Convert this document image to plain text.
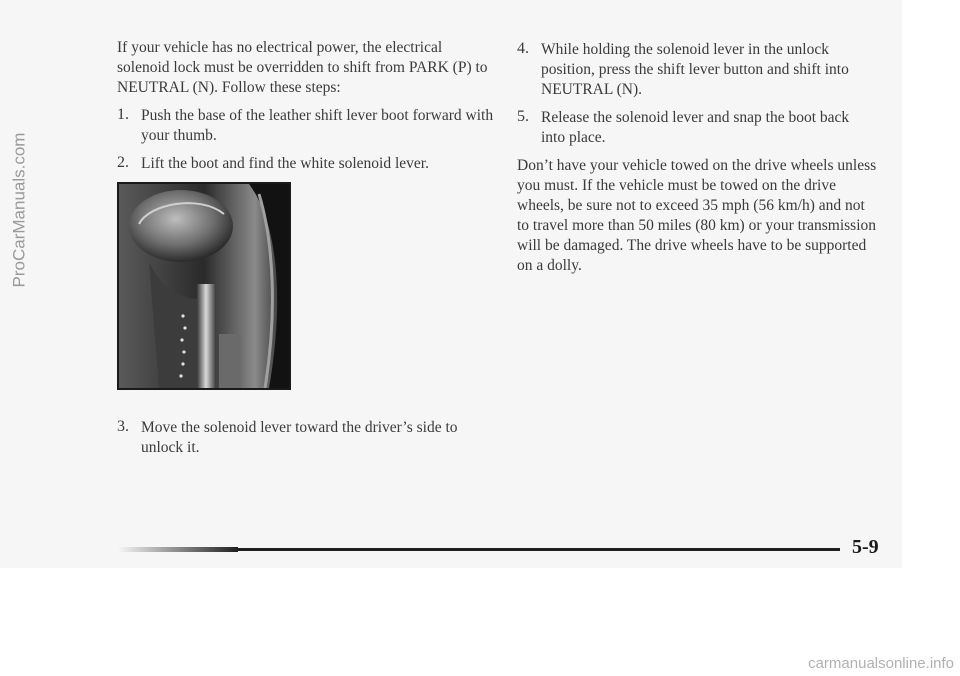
ProCarManuals.com

If your vehicle has no electrical power, the electrical solenoid lock must be overridden to shift from PARK (P) to NEUTRAL (N). Follow these steps:

1. Push the base of the leather shift lever boot forward with your thumb.

2. Lift the boot and find the white solenoid lever.

3. Move the solenoid lever toward the driver’s side to unlock it.

4. While holding the solenoid lever in the unlock position, press the shift lever button and shift into NEUTRAL (N).

5. Release the solenoid lever and snap the boot back into place.

Don’t have your vehicle towed on the drive wheels unless you must. If the vehicle must be towed on the drive wheels, be sure not to exceed 35 mph (56 km/h) and not to travel more than 50 miles (80 km) or your transmission will be damaged. The drive wheels have to be supported on a dolly.

5-9
carmanualsonline.info
